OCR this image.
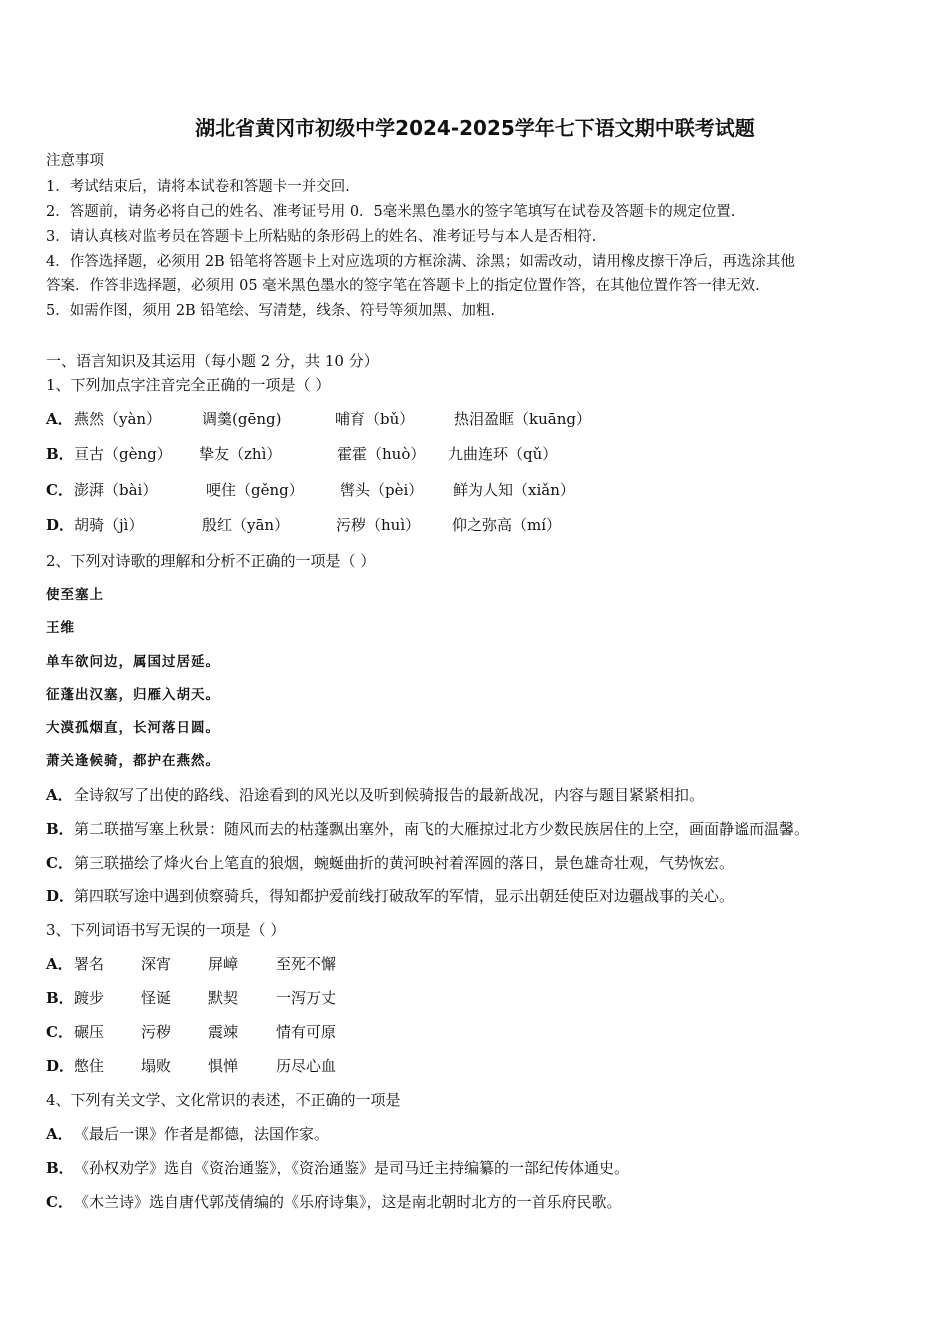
湖北省黄冈市初级中学2024-2025学年七下语文期中联考试题
注意事项
1．考试结束后，请将本试卷和答题卡一并交回.
2．答题前，请务必将自己的姓名、准考证号用 0．5毫米黑色墨水的签字笔填写在试卷及答题卡的规定位置.
3．请认真核对监考员在答题卡上所粘贴的条形码上的姓名、准考证号与本人是否相符.
4．作答选择题，必须用 2B 铅笔将答题卡上对应选项的方框涂满、涂黑；如需改动，请用橡皮擦干净后，再选涂其他
答案．作答非选择题，必须用 05 毫米黑色墨水的签字笔在答题卡上的指定位置作答，在其他位置作答一律无效.
5．如需作图，须用 2B 铅笔绘、写清楚，线条、符号等须加黑、加粗.
一、语言知识及其运用（每小题 2 分，共 10 分）
1、下列加点字注音完全正确的一项是（ ）
A． 燕然（yàn）	调羹(gēng)	哺育（bǔ）	热泪盈眶（kuāng）
B． 亘古（gèng） 挚友（zhì）	霍霍（huò） 九曲连环（qǔ）
C． 澎湃（bài）	哽住（gěng） 辔头（pèi） 鲜为人知（xiǎn）
D． 胡骑（jì）	殷红（yān）	污秽（huì） 仰之弥高（mí）
2、下列对诗歌的理解和分析不正确的一项是（ ）
使至塞上
王维
单车欲问边，属国过居延。
征蓬出汉塞，归雁入胡天。
大漠孤烟直，长河落日圆。
萧关逢候骑，都护在燕然。
A． 全诗叙写了出使的路线、沿途看到的风光以及听到候骑报告的最新战况，内容与题目紧紧相扣。
B． 第二联描写塞上秋景：随风而去的枯蓬飘出塞外，南飞的大雁掠过北方少数民族居住的上空，画面静谧而温馨。
C． 第三联描绘了烽火台上笔直的狼烟，蜿蜒曲折的黄河映衬着浑圆的落日，景色雄奇壮观，气势恢宏。
D． 第四联写途中遇到侦察骑兵，得知都护爱前线打破敌军的军情，显示出朝廷使臣对边疆战事的关心。
3、下列词语书写无误的一项是（ ）
A． 署名 深宵 屏嶂	至死不懈
B． 踱步 怪诞 默契	一泻万丈
C． 碾压 污秽 震竦	情有可原
D． 憋住 塌败 惧惮	历尽心血
4、下列有关文学、文化常识的表述，不正确的一项是
A． 《最后一课》作者是都德，法国作家。
B． 《孙权劝学》选自《资治通鉴》，《资治通鉴》是司马迁主持编纂的一部纪传体通史。
C． 《木兰诗》选自唐代郭茂倩编的《乐府诗集》，这是南北朝时北方的一首乐府民歌。
